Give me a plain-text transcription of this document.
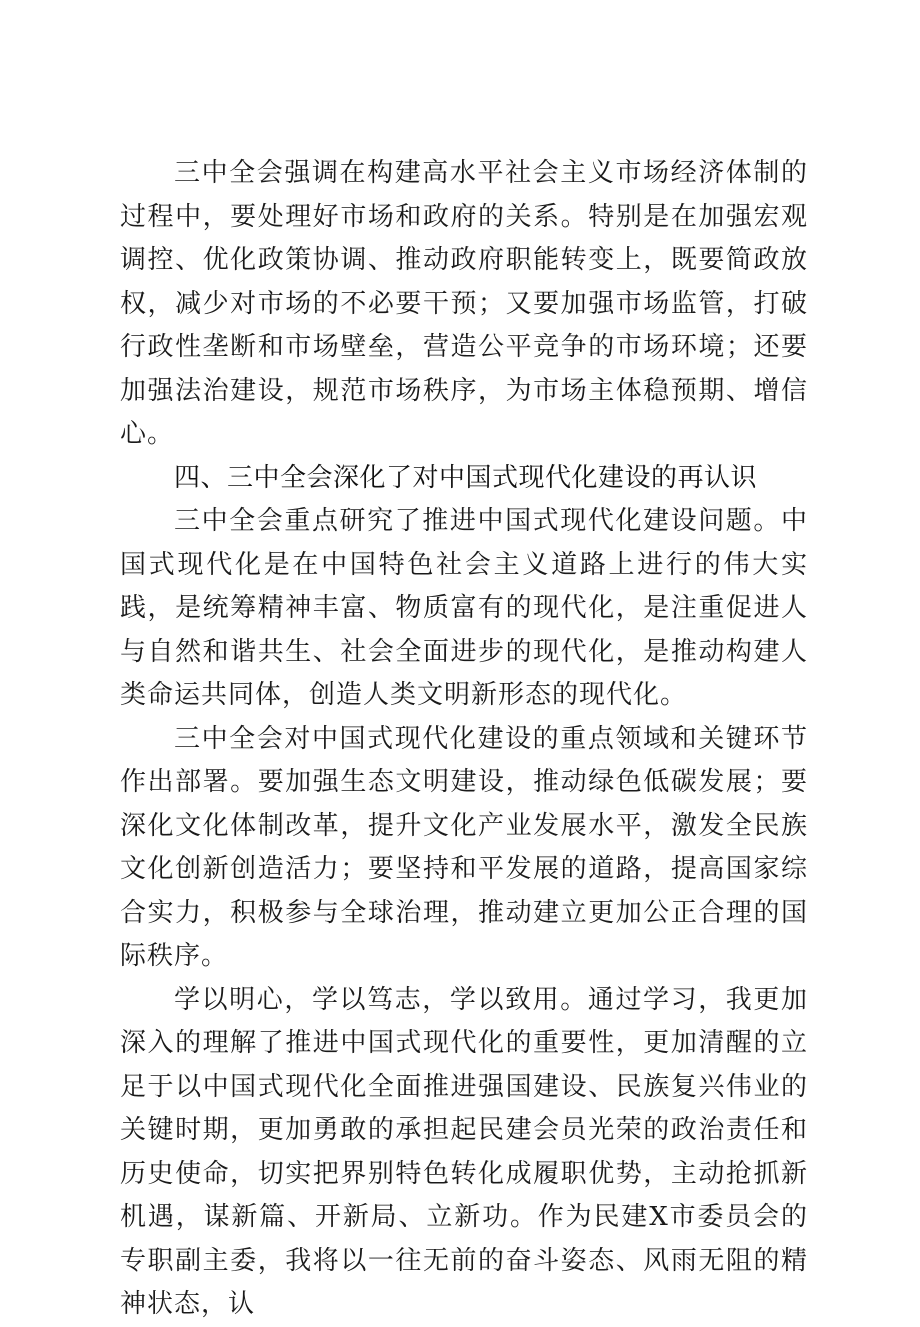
三中全会强调在构建高水平社会主义市场经济体制的过程中，要处理好市场和政府的关系。特别是在加强宏观调控、优化政策协调、推动政府职能转变上，既要简政放权，减少对市场的不必要干预；又要加强市场监管，打破行政性垄断和市场壁垒，营造公平竞争的市场环境；还要加强法治建设，规范市场秩序，为市场主体稳预期、增信心。

四、三中全会深化了对中国式现代化建设的再认识

三中全会重点研究了推进中国式现代化建设问题。中国式现代化是在中国特色社会主义道路上进行的伟大实践，是统筹精神丰富、物质富有的现代化，是注重促进人与自然和谐共生、社会全面进步的现代化，是推动构建人类命运共同体，创造人类文明新形态的现代化。

三中全会对中国式现代化建设的重点领域和关键环节作出部署。要加强生态文明建设，推动绿色低碳发展；要深化文化体制改革，提升文化产业发展水平，激发全民族文化创新创造活力；要坚持和平发展的道路，提高国家综合实力，积极参与全球治理，推动建立更加公正合理的国际秩序。

学以明心，学以笃志，学以致用。通过学习，我更加深入的理解了推进中国式现代化的重要性，更加清醒的立足于以中国式现代化全面推进强国建设、民族复兴伟业的关键时期，更加勇敢的承担起民建会员光荣的政治责任和历史使命，切实把界别特色转化成履职优势，主动抢抓新机遇，谋新篇、开新局、立新功。作为民建X市委员会的专职副主委，我将以一往无前的奋斗姿态、风雨无阻的精神状态，认
